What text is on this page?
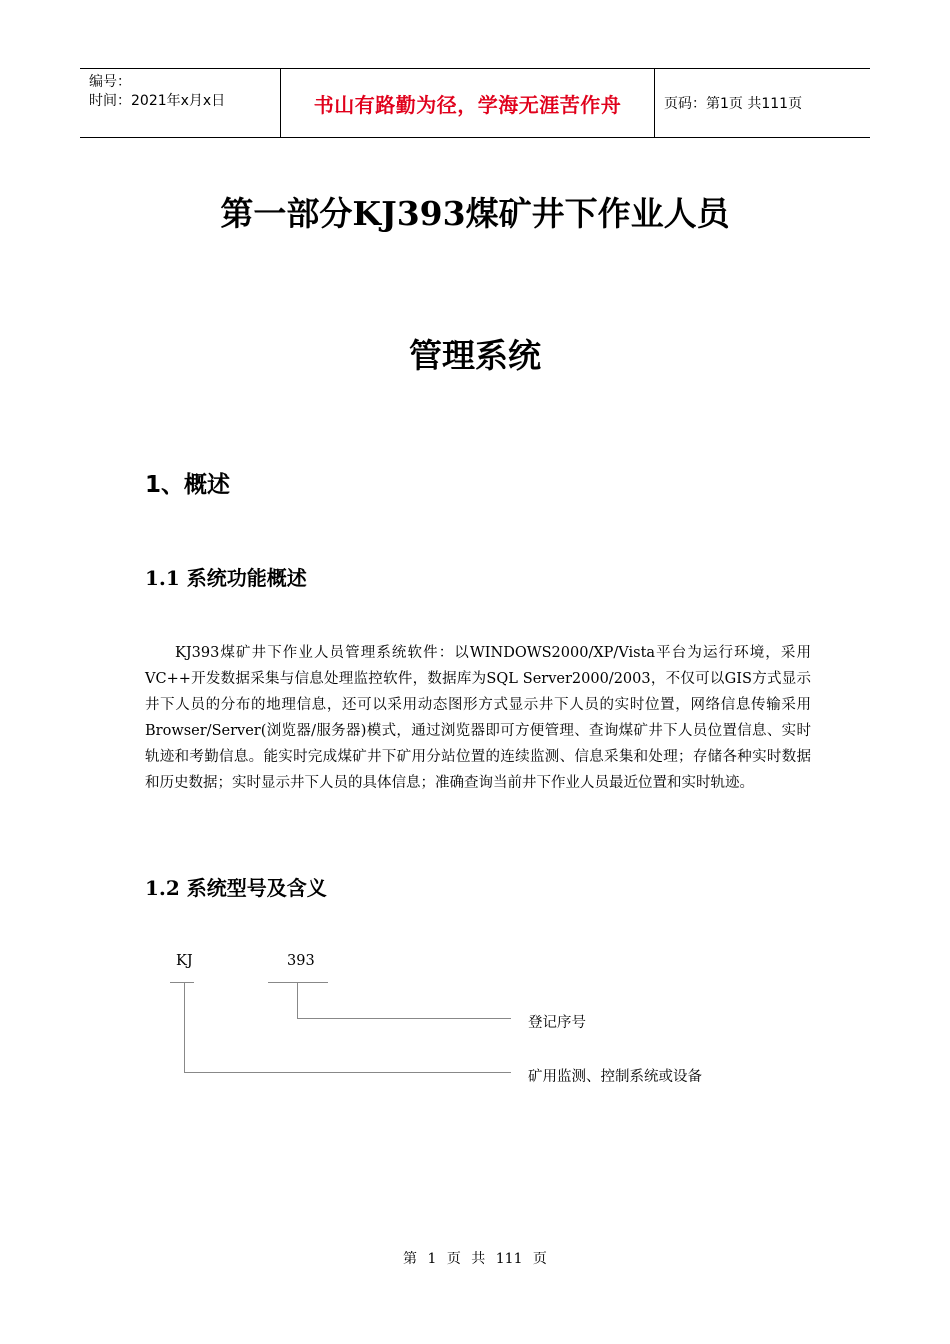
编号：
时间：2021年x月x日	书山有路勤为径，学海无涯苦作舟	页码：第1页 共111页
第一部分KJ393煤矿井下作业人员
管理系统
1、概述
1.1 系统功能概述
KJ393煤矿井下作业人员管理系统软件：以WINDOWS2000/XP/Vista平台为运行环境，采用VC++开发数据采集与信息处理监控软件，数据库为SQL Server2000/2003，不仅可以GIS方式显示井下人员的分布的地理信息，还可以采用动态图形方式显示井下人员的实时位置，网络信息传输采用Browser/Server(浏览器/服务器)模式，通过浏览器即可方便管理、查询煤矿井下人员位置信息、实时轨迹和考勤信息。能实时完成煤矿井下矿用分站位置的连续监测、信息采集和处理；存储各种实时数据和历史数据；实时显示井下人员的具体信息；准确查询当前井下作业人员最近位置和实时轨迹。
1.2 系统型号及含义
KJ	393
登记序号
矿用监测、控制系统或设备
第 1 页 共 111 页
